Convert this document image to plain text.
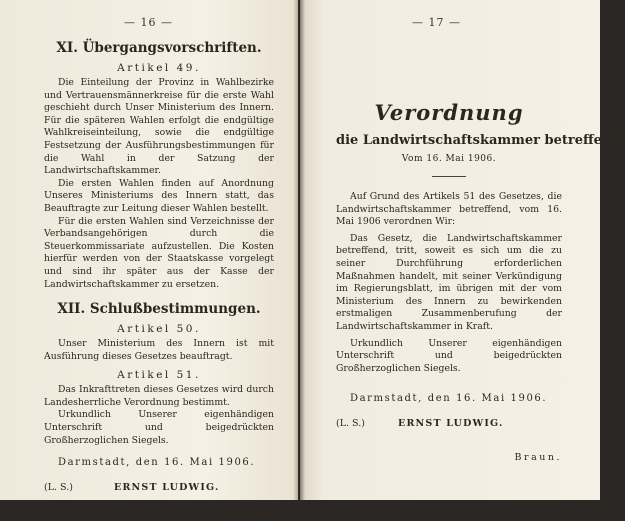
— 16 —
XI. Übergangsvorschriften.
Artikel 49.

Die Einteilung der Provinz in Wahlbezirke und Vertrauensmännerkreise für die erste Wahl geschieht durch Unser Ministerium des Innern. Für die späteren Wahlen erfolgt die endgültige Wahlkreiseinteilung, sowie die endgültige Festsetzung der Ausführungsbestimmungen für die Wahl in der Satzung der Landwirtschaftskammer.

Die ersten Wahlen finden auf Anordnung Unseres Ministeriums des Innern statt, das Beauftragte zur Leitung dieser Wahlen bestellt.

Für die ersten Wahlen sind Verzeichnisse der Verbandsangehörigen durch die Steuerkommissariate aufzustellen. Die Kosten hierfür werden von der Staatskasse vorgelegt und sind ihr später aus der Kasse der Landwirtschaftskammer zu ersetzen.

XII. Schlußbestimmungen.
Artikel 50.

Unser Ministerium des Innern ist mit Ausführung dieses Gesetzes beauftragt.

Artikel 51.

Das Inkrafttreten dieses Gesetzes wird durch Landesherrliche Verordnung bestimmt.

Urkundlich Unserer eigenhändigen Unterschrift und beigedrückten Großherzoglichen Siegels.

Darmstadt, den 16. Mai 1906.
(L. S.)	ERNST LUDWIG.
Braun.
— 17 —
Verordnung
die Landwirtschaftskammer betreffend.
Vom 16. Mai 1906.

Auf Grund des Artikels 51 des Gesetzes, die Landwirtschaftskammer betreffend, vom 16. Mai 1906 verordnen Wir:

Das Gesetz, die Landwirtschaftskammer betreffend, tritt, soweit es sich um die zu seiner Durchführung erforderlichen Maßnahmen handelt, mit seiner Verkündigung im Regierungsblatt, im übrigen mit der vom Ministerium des Innern zu bewirkenden erstmaligen Zusammenberufung der Landwirtschaftskammer in Kraft.

Urkundlich Unserer eigenhändigen Unterschrift und beigedrückten Großherzoglichen Siegels.

Darmstadt, den 16. Mai 1906.
(L. S.)	ERNST LUDWIG.
Braun.
